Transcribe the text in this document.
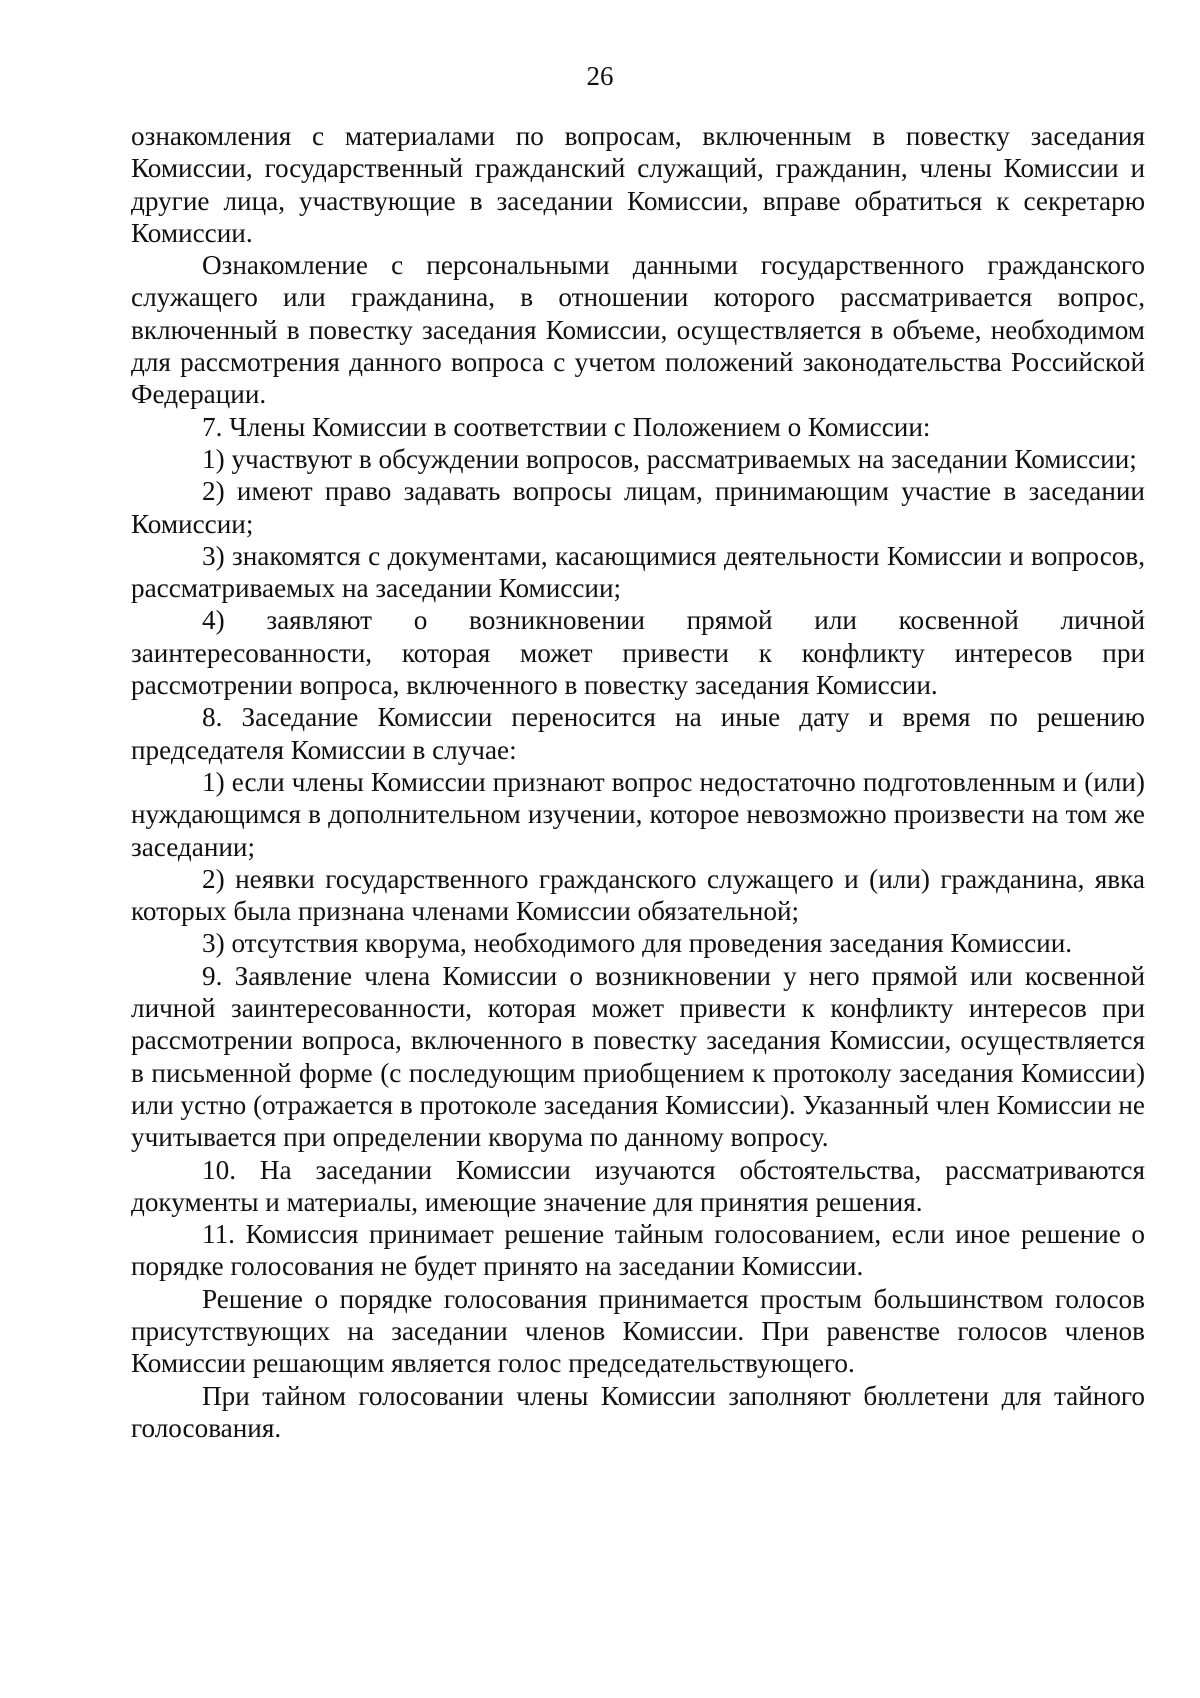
26

ознакомления с материалами по вопросам, включенным в повестку заседания Комиссии, государственный гражданский служащий, гражданин, члены Комиссии и другие лица, участвующие в заседании Комиссии, вправе обратиться к секретарю Комиссии.

Ознакомление с персональными данными государственного гражданского служащего или гражданина, в отношении которого рассматривается вопрос, включенный в повестку заседания Комиссии, осуществляется в объеме, необходимом для рассмотрения данного вопроса с учетом положений законодательства Российской Федерации.

7. Члены Комиссии в соответствии с Положением о Комиссии:

1) участвуют в обсуждении вопросов, рассматриваемых на заседании Комиссии;

2) имеют право задавать вопросы лицам, принимающим участие в заседании Комиссии;

3) знакомятся с документами, касающимися деятельности Комиссии и вопросов, рассматриваемых на заседании Комиссии;

4) заявляют о возникновении прямой или косвенной личной заинтересованности, которая может привести к конфликту интересов при рассмотрении вопроса, включенного в повестку заседания Комиссии.

8. Заседание Комиссии переносится на иные дату и время по решению председателя Комиссии в случае:

1) если члены Комиссии признают вопрос недостаточно подготовленным и (или) нуждающимся в дополнительном изучении, которое невозможно произвести на том же заседании;

2) неявки государственного гражданского служащего и (или) гражданина, явка которых была признана членами Комиссии обязательной;

3) отсутствия кворума, необходимого для проведения заседания Комиссии.

9. Заявление члена Комиссии о возникновении у него прямой или косвенной личной заинтересованности, которая может привести к конфликту интересов при рассмотрении вопроса, включенного в повестку заседания Комиссии, осуществляется в письменной форме (с последующим приобщением к протоколу заседания Комиссии) или устно (отражается в протоколе заседания Комиссии). Указанный член Комиссии не учитывается при определении кворума по данному вопросу.

10. На заседании Комиссии изучаются обстоятельства, рассматриваются документы и материалы, имеющие значение для принятия решения.

11. Комиссия принимает решение тайным голосованием, если иное решение о порядке голосования не будет принято на заседании Комиссии.

Решение о порядке голосования принимается простым большинством голосов присутствующих на заседании членов Комиссии. При равенстве голосов членов Комиссии решающим является голос председательствующего.

При тайном голосовании члены Комиссии заполняют бюллетени для тайного голосования.
